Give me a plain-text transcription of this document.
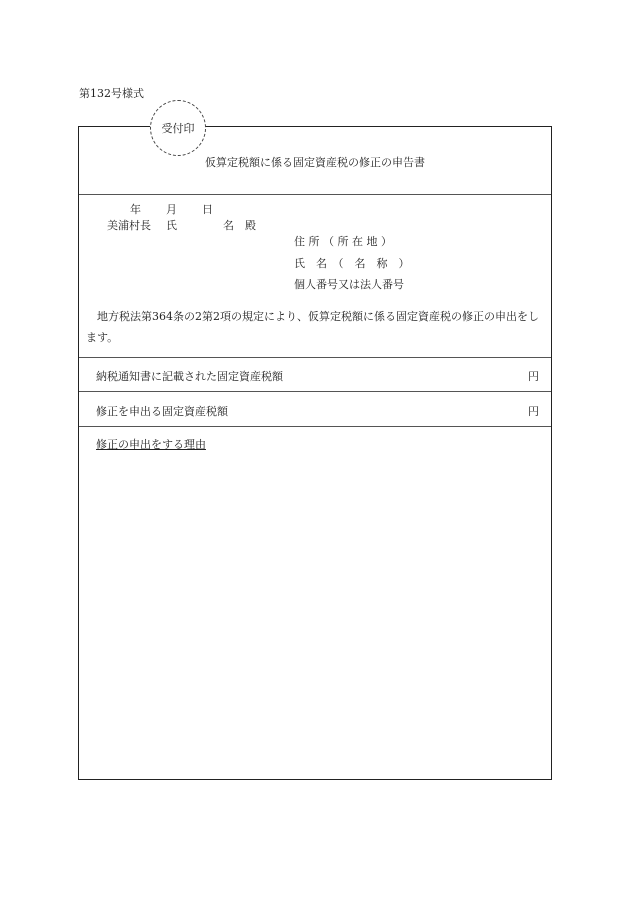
第132号様式
受付印
仮算定税額に係る固定資産税の修正の申告書
年 月 日
美浦村長 氏	名 殿
住 所 （ 所 在 地 ）
氏　名　（　名　称　）
個人番号又は法人番号
地方税法第364条の2第2項の規定により、仮算定税額に係る固定資産税の修正の申出をします。
納税通知書に記載された固定資産税額	円
修正を申出る固定資産税額	円
修正の申出をする理由
